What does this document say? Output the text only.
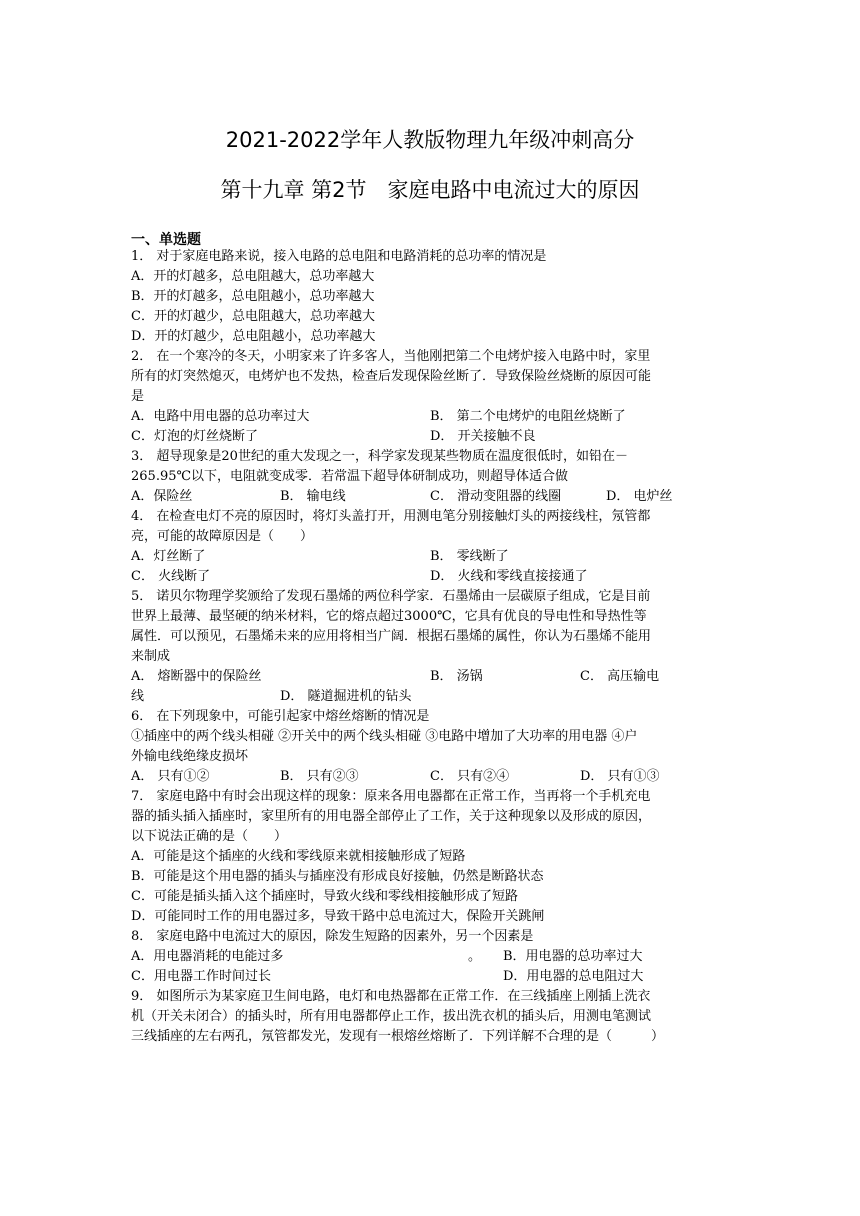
2021-2022学年人教版物理九年级冲刺高分
第十九章 第2节　家庭电路中电流过大的原因
一、单选题
1． 对于家庭电路来说，接入电路的总电阻和电路消耗的总功率的情况是
A．开的灯越多，总电阻越大，总功率越大
B．开的灯越多，总电阻越小，总功率越大
C．开的灯越少，总电阻越大，总功率越大
D．开的灯越少，总电阻越小，总功率越大
2． 在一个寒冷的冬天，小明家来了许多客人，当他刚把第二个电烤炉接入电路中时，家里
所有的灯突然熄灭，电烤炉也不发热，检查后发现保险丝断了．导致保险丝烧断的原因可能
是
A．电路中用电器的总功率过大	B． 第二个电烤炉的电阻丝烧断了
C．灯泡的灯丝烧断了	D． 开关接触不良
3． 超导现象是20世纪的重大发现之一，科学家发现某些物质在温度很低时，如铅在－
265.95℃以下，电阻就变成零．若常温下超导体研制成功，则超导体适合做
A．保险丝	B． 输电线	C． 滑动变阻器的线圈	D． 电炉丝
4． 在检查电灯不亮的原因时，将灯头盖打开，用测电笔分别接触灯头的两接线柱，氖管都
亮，可能的故障原因是（　　）
A．灯丝断了	B． 零线断了
C． 火线断了	D． 火线和零线直接接通了
5． 诺贝尔物理学奖颁给了发现石墨烯的两位科学家．石墨烯由一层碳原子组成，它是目前
世界上最薄、最坚硬的纳米材料，它的熔点超过3000℃，它具有优良的导电性和导热性等
属性．可以预见，石墨烯未来的应用将相当广阔．根据石墨烯的属性，你认为石墨烯不能用
来制成
A． 熔断器中的保险丝	B． 汤锅	C． 高压输电
线	D． 隧道掘进机的钻头
6． 在下列现象中，可能引起家中熔丝熔断的情况是
①插座中的两个线头相碰 ②开关中的两个线头相碰 ③电路中增加了大功率的用电器 ④户
外输电线绝缘皮损坏
A． 只有①②	B． 只有②③	C． 只有②④	D． 只有①③
7． 家庭电路中有时会出现这样的现象：原来各用电器都在正常工作，当再将一个手机充电
器的插头插入插座时，家里所有的用电器全部停止了工作，关于这种现象以及形成的原因，
以下说法正确的是（　　）
A．可能是这个插座的火线和零线原来就相接触形成了短路
B．可能是这个用电器的插头与插座没有形成良好接触，仍然是断路状态
C．可能是插头插入这个插座时，导致火线和零线相接触形成了短路
D．可能同时工作的用电器过多，导致干路中总电流过大，保险开关跳闸
8． 家庭电路中电流过大的原因，除发生短路的因素外，另一个因素是
A．用电器消耗的电能过多	。 B．用电器的总功率过大
C．用电器工作时间过长	D．用电器的总电阻过大
9． 如图所示为某家庭卫生间电路，电灯和电热器都在正常工作．在三线插座上刚插上洗衣
机（开关未闭合）的插头时，所有用电器都停止工作，拔出洗衣机的插头后，用测电笔测试
三线插座的左右两孔，氖管都发光，发现有一根熔丝熔断了．下列详解不合理的是（　　　）
